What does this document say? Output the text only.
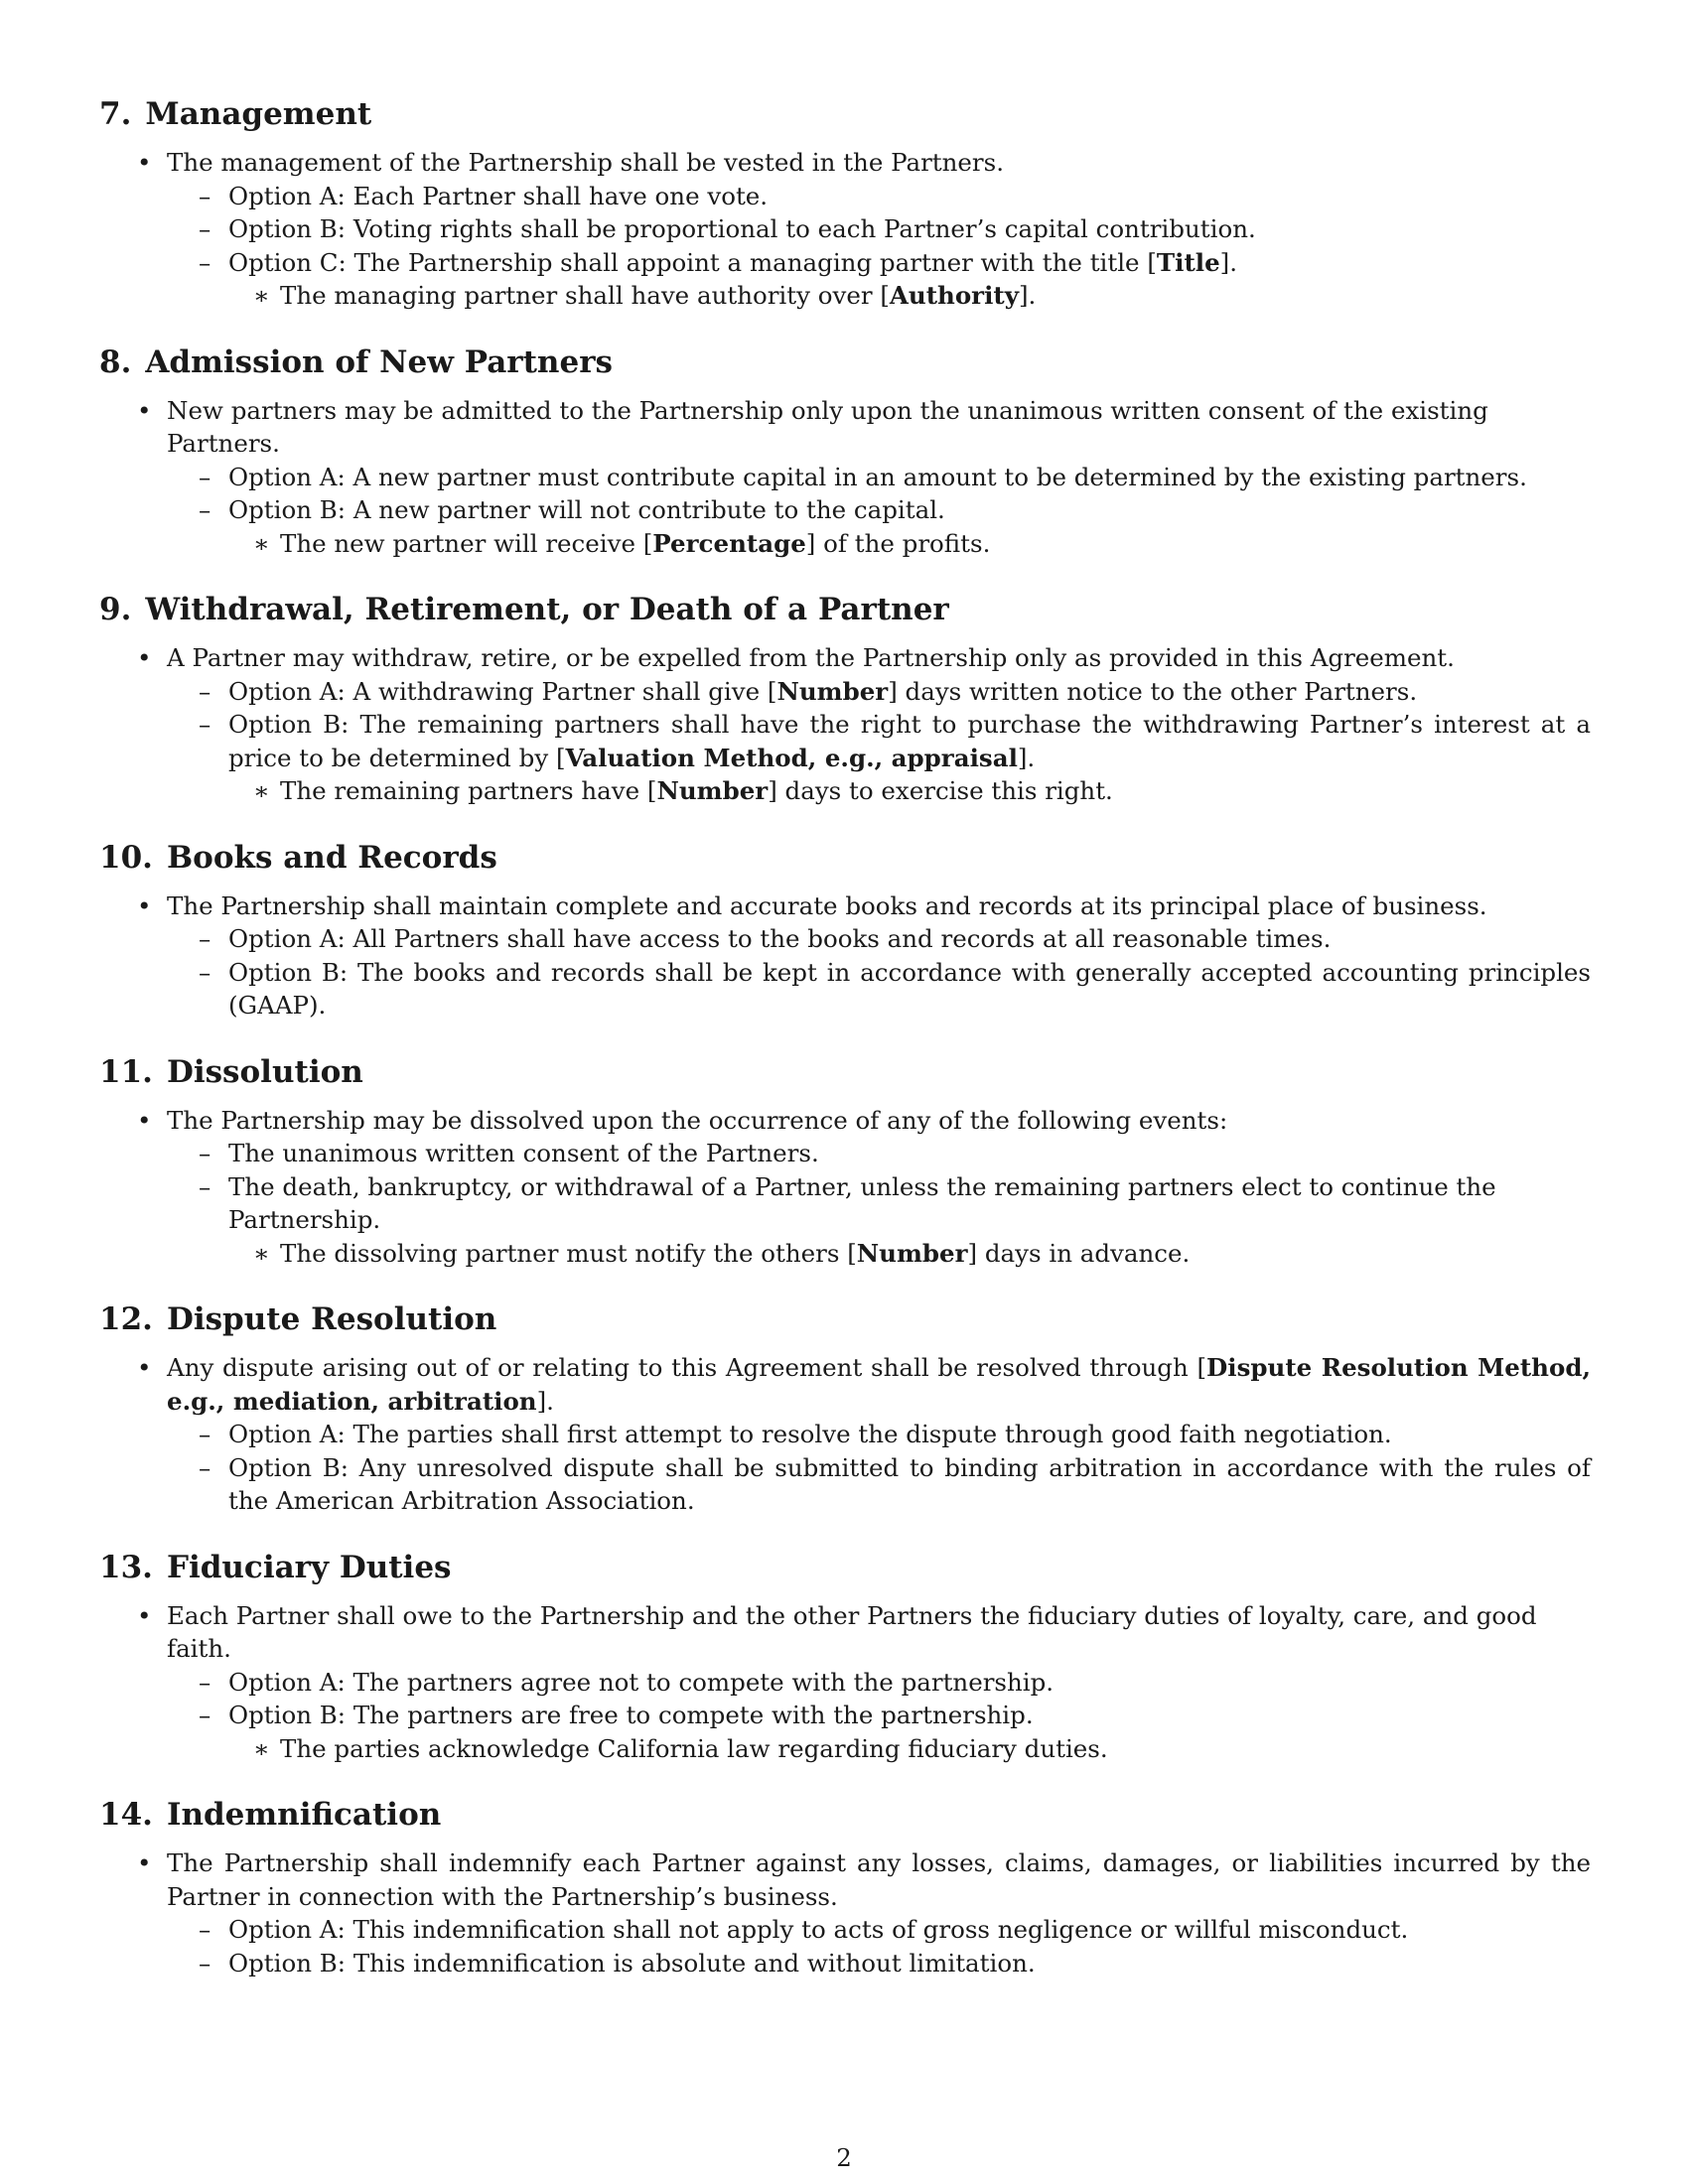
7. Management
• The management of the Partnership shall be vested in the Partners.
– Option A: Each Partner shall have one vote.
– Option B: Voting rights shall be proportional to each Partner’s capital contribution.
– Option C: The Partnership shall appoint a managing partner with the title [Title].
∗ The managing partner shall have authority over [Authority].
8. Admission of New Partners
• New partners may be admitted to the Partnership only upon the unanimous written consent of the existing Partners.
– Option A: A new partner must contribute capital in an amount to be determined by the existing partners.
– Option B: A new partner will not contribute to the capital.
∗ The new partner will receive [Percentage] of the profits.
9. Withdrawal, Retirement, or Death of a Partner
• A Partner may withdraw, retire, or be expelled from the Partnership only as provided in this Agreement.
– Option A: A withdrawing Partner shall give [Number] days written notice to the other Partners.
– Option B: The remaining partners shall have the right to purchase the withdrawing Partner’s interest at a price to be determined by [Valuation Method, e.g., appraisal].
∗ The remaining partners have [Number] days to exercise this right.
10. Books and Records
• The Partnership shall maintain complete and accurate books and records at its principal place of business.
– Option A: All Partners shall have access to the books and records at all reasonable times.
– Option B: The books and records shall be kept in accordance with generally accepted accounting principles (GAAP).
11. Dissolution
• The Partnership may be dissolved upon the occurrence of any of the following events:
– The unanimous written consent of the Partners.
– The death, bankruptcy, or withdrawal of a Partner, unless the remaining partners elect to continue the Partnership.
∗ The dissolving partner must notify the others [Number] days in advance.
12. Dispute Resolution
• Any dispute arising out of or relating to this Agreement shall be resolved through [Dispute Resolution Method, e.g., mediation, arbitration].
– Option A: The parties shall first attempt to resolve the dispute through good faith negotiation.
– Option B: Any unresolved dispute shall be submitted to binding arbitration in accordance with the rules of the American Arbitration Association.
13. Fiduciary Duties
• Each Partner shall owe to the Partnership and the other Partners the fiduciary duties of loyalty, care, and good faith.
– Option A: The partners agree not to compete with the partnership.
– Option B: The partners are free to compete with the partnership.
∗ The parties acknowledge California law regarding fiduciary duties.
14. Indemnification
• The Partnership shall indemnify each Partner against any losses, claims, damages, or liabilities incurred by the Partner in connection with the Partnership’s business.
– Option A: This indemnification shall not apply to acts of gross negligence or willful misconduct.
– Option B: This indemnification is absolute and without limitation.
2
